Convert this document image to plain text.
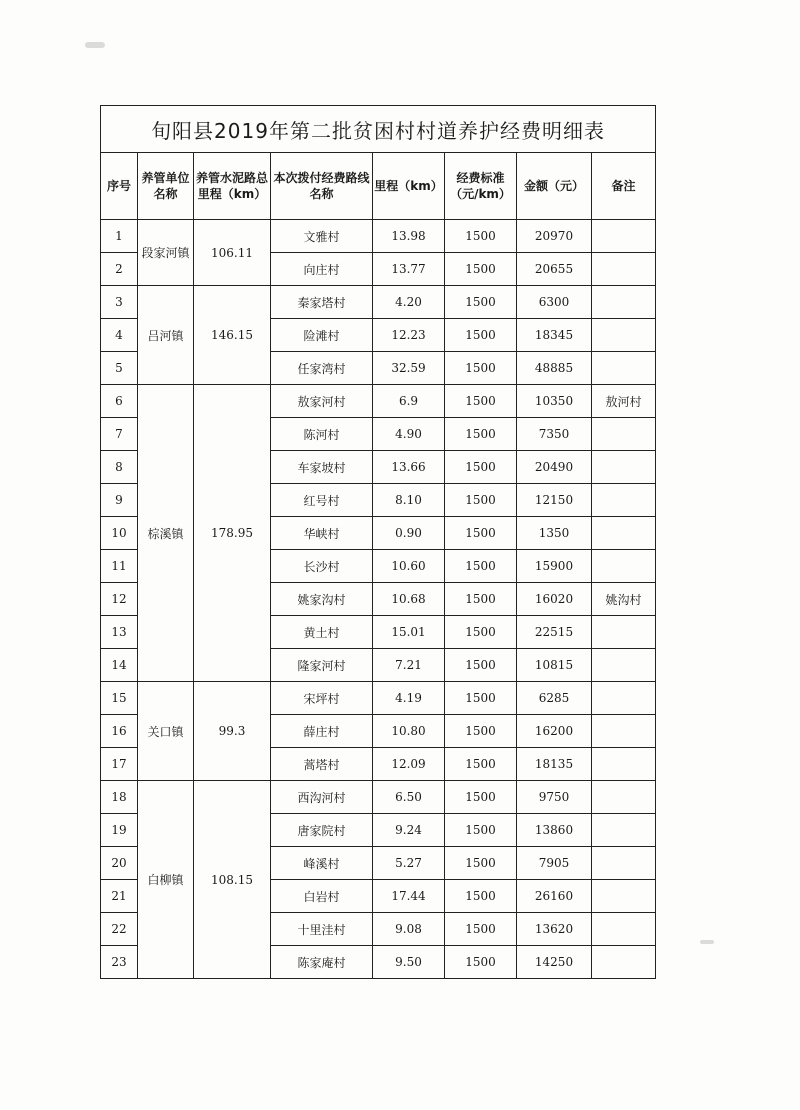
旬阳县2019年第二批贫困村村道养护经费明细表							
序号	养管单位名称	养管水泥路总里程（km）	本次拨付经费路线名称	里程（km）	经费标准（元/km）	金额（元）	备注
1	段家河镇	106.11	文雅村	13.98	1500	20970	
2			向庄村	13.77	1500	20655	
3	吕河镇	146.15	秦家塔村	4.20	1500	6300	
4			险滩村	12.23	1500	18345	
5			任家湾村	32.59	1500	48885	
6	棕溪镇	178.95	敖家河村	6.9	1500	10350	敖河村
7			陈河村	4.90	1500	7350	
8			车家坡村	13.66	1500	20490	
9			红号村	8.10	1500	12150	
10			华峡村	0.90	1500	1350	
11			长沙村	10.60	1500	15900	
12			姚家沟村	10.68	1500	16020	姚沟村
13			黄土村	15.01	1500	22515	
14			隆家河村	7.21	1500	10815	
15	关口镇	99.3	宋坪村	4.19	1500	6285	
16			薛庄村	10.80	1500	16200	
17			蒿塔村	12.09	1500	18135	
18	白柳镇	108.15	西沟河村	6.50	1500	9750	
19			唐家院村	9.24	1500	13860	
20			峰溪村	5.27	1500	7905	
21			白岩村	17.44	1500	26160	
22			十里洼村	9.08	1500	13620	
23			陈家庵村	9.50	1500	14250	
